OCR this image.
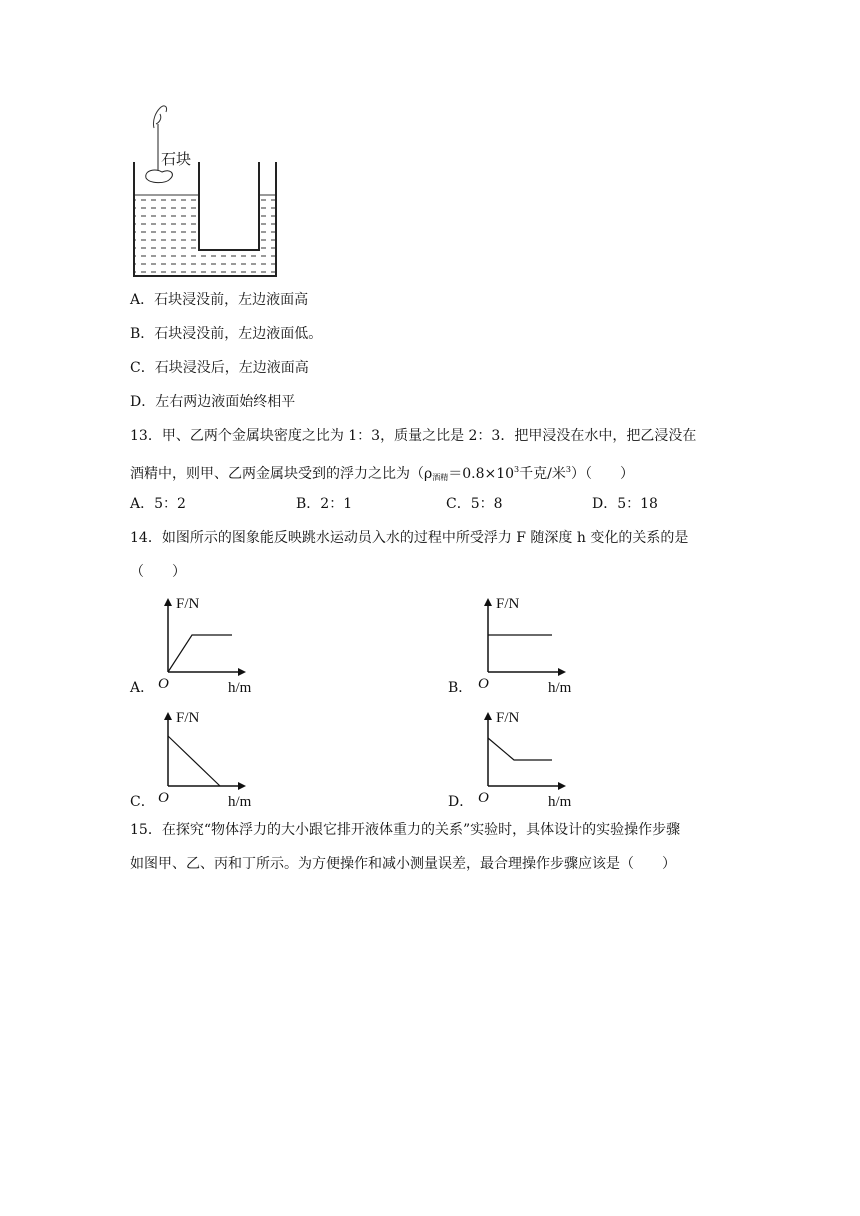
石块
A．石块浸没前，左边液面高
B．石块浸没前，左边液面低。
C．石块浸没后，左边液面高
D．左右两边液面始终相平
13．甲、乙两个金属块密度之比为 1：3，质量之比是 2：3．把甲浸没在水中，把乙浸没在
酒精中，则甲、乙两金属块受到的浮力之比为（$\rho_{酒精}=0.8\times 10^3$千克/米$^3$）（　　）
A．5：2	B．2：1	C．5：8	D．5：18
14．如图所示的图象能反映跳水运动员入水的过程中所受浮力 F 随深度 h 变化的关系的是
（　　）
A．
F/N
O	h/m	B．
F/N
O	h/m
C．
F/N
O	h/m	D．
F/N
O	h/m
15．在探究“物体浮力的大小跟它排开液体重力的关系”实验时，具体设计的实验操作步骤
如图甲、乙、丙和丁所示。为方便操作和减小测量误差，最合理操作步骤应该是（　　）
